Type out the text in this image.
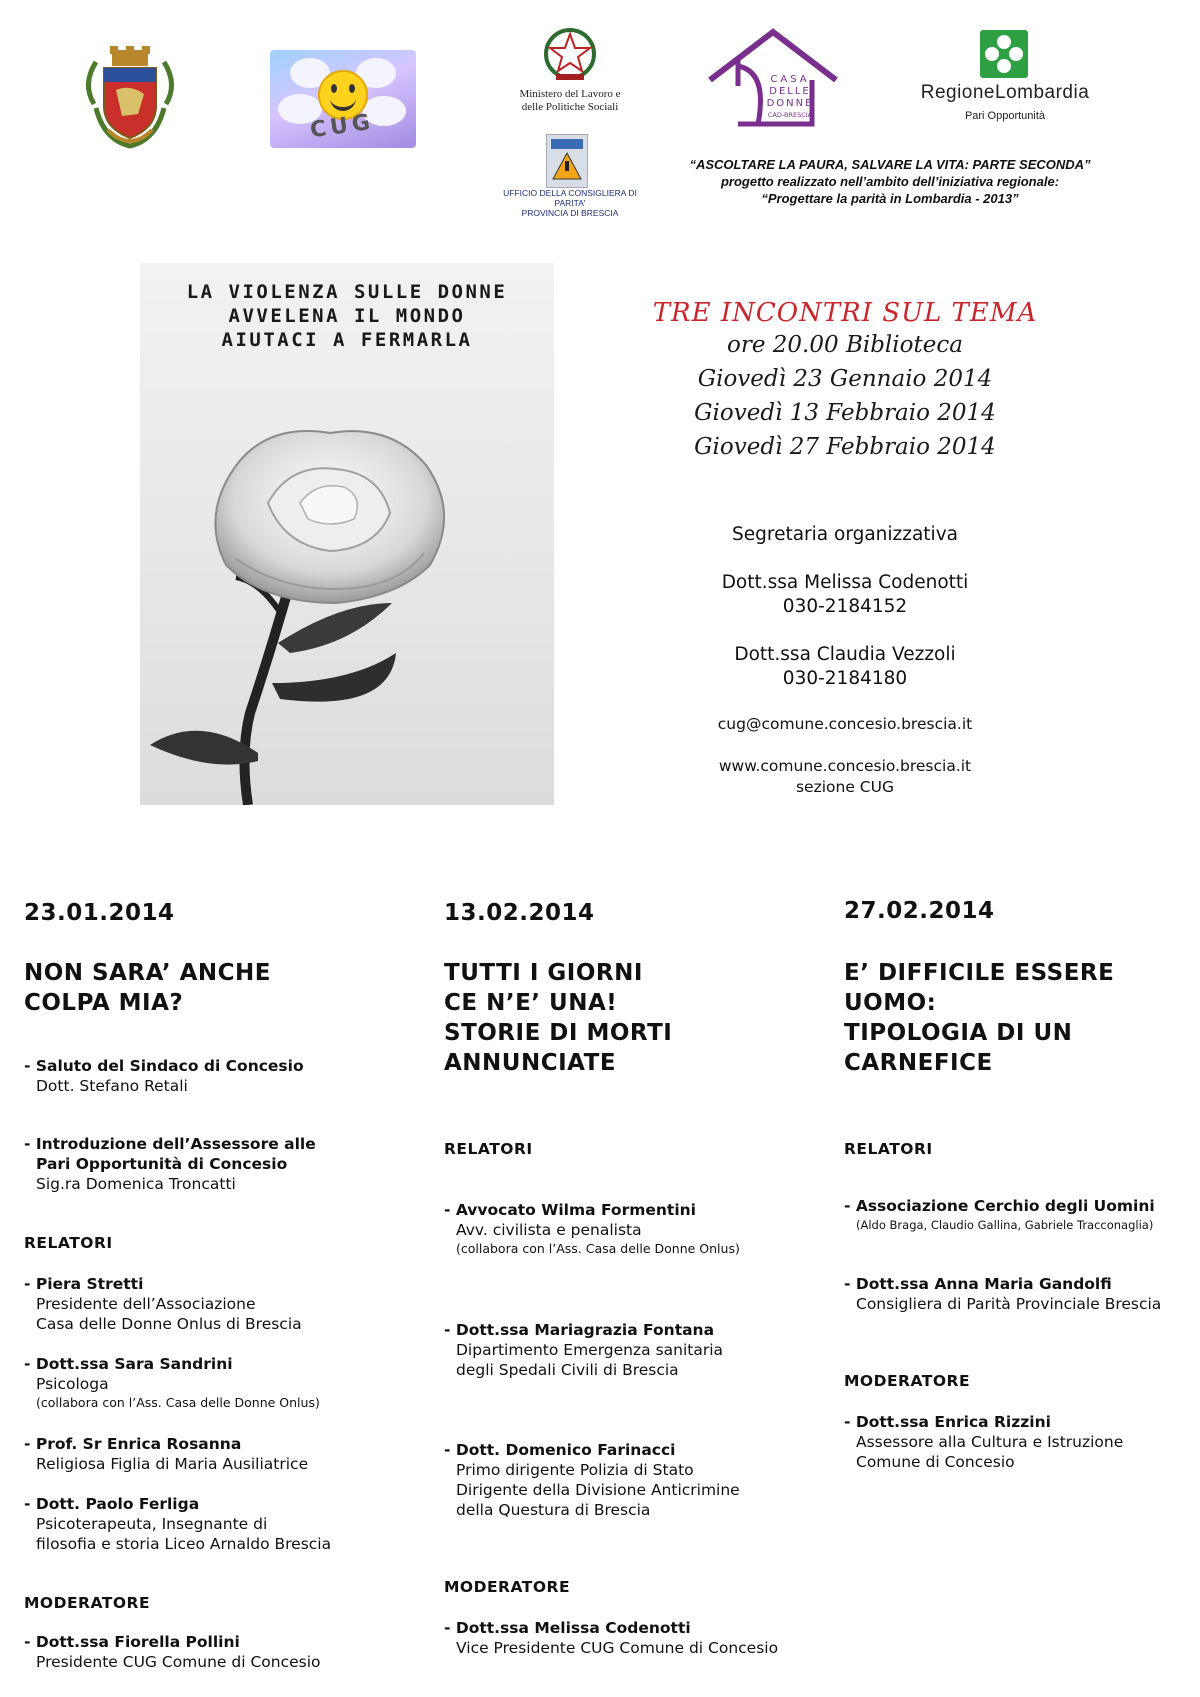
CUG
Ministero del Lavoro e
delle Politiche Sociali
UFFICIO DELLA CONSIGLIERA DI PARITA'
PROVINCIA DI BRESCIA
CASA
DELLE
DONNE
CAD-BRESCIA
RegioneLombardia
Pari Opportunità
“ASCOLTARE LA PAURA, SALVARE LA VITA: PARTE SECONDA”
progetto realizzato nell’ambito dell’iniziativa regionale:
“Progettare la parità in Lombardia - 2013”
LA VIOLENZA SULLE DONNE
AVVELENA IL MONDO
AIUTACI A FERMARLA
TRE INCONTRI SUL TEMA
ore 20.00 Biblioteca
Giovedì 23 Gennaio 2014
Giovedì 13 Febbraio 2014
Giovedì 27 Febbraio 2014
Segretaria organizzativa
Dott.ssa Melissa Codenotti
030-2184152
Dott.ssa Claudia Vezzoli
030-2184180
cug@comune.concesio.brescia.it
www.comune.concesio.brescia.it
sezione CUG
23.01.2014
NON SARA’ ANCHE
COLPA MIA?
- Saluto del Sindaco di Concesio
Dott. Stefano Retali
- Introduzione dell’Assessore alle
Pari Opportunità di Concesio
Sig.ra Domenica Troncatti
RELATORI
- Piera Stretti
Presidente dell’Associazione
Casa delle Donne Onlus di Brescia
- Dott.ssa Sara Sandrini
Psicologa
(collabora con l’Ass. Casa delle Donne Onlus)
- Prof. Sr Enrica Rosanna
Religiosa Figlia di Maria Ausiliatrice
- Dott. Paolo Ferliga
Psicoterapeuta, Insegnante di
filosofia e storia Liceo Arnaldo Brescia
MODERATORE
- Dott.ssa Fiorella Pollini
Presidente CUG Comune di Concesio
13.02.2014
TUTTI I GIORNI
CE N’E’ UNA!
STORIE DI MORTI
ANNUNCIATE
RELATORI
- Avvocato Wilma Formentini
Avv. civilista e penalista
(collabora con l’Ass. Casa delle Donne Onlus)
- Dott.ssa Mariagrazia Fontana
Dipartimento Emergenza sanitaria
degli Spedali Civili di Brescia
- Dott. Domenico Farinacci
Primo dirigente Polizia di Stato
Dirigente della Divisione Anticrimine
della Questura di Brescia
MODERATORE
- Dott.ssa Melissa Codenotti
Vice Presidente CUG Comune di Concesio
27.02.2014
E’ DIFFICILE ESSERE
UOMO:
TIPOLOGIA DI UN
CARNEFICE
RELATORI
- Associazione Cerchio degli Uomini
(Aldo Braga, Claudio Gallina, Gabriele Tracconaglia)
- Dott.ssa Anna Maria Gandolfi
Consigliera di Parità Provinciale Brescia
MODERATORE
- Dott.ssa Enrica Rizzini
Assessore alla Cultura e Istruzione
Comune di Concesio
